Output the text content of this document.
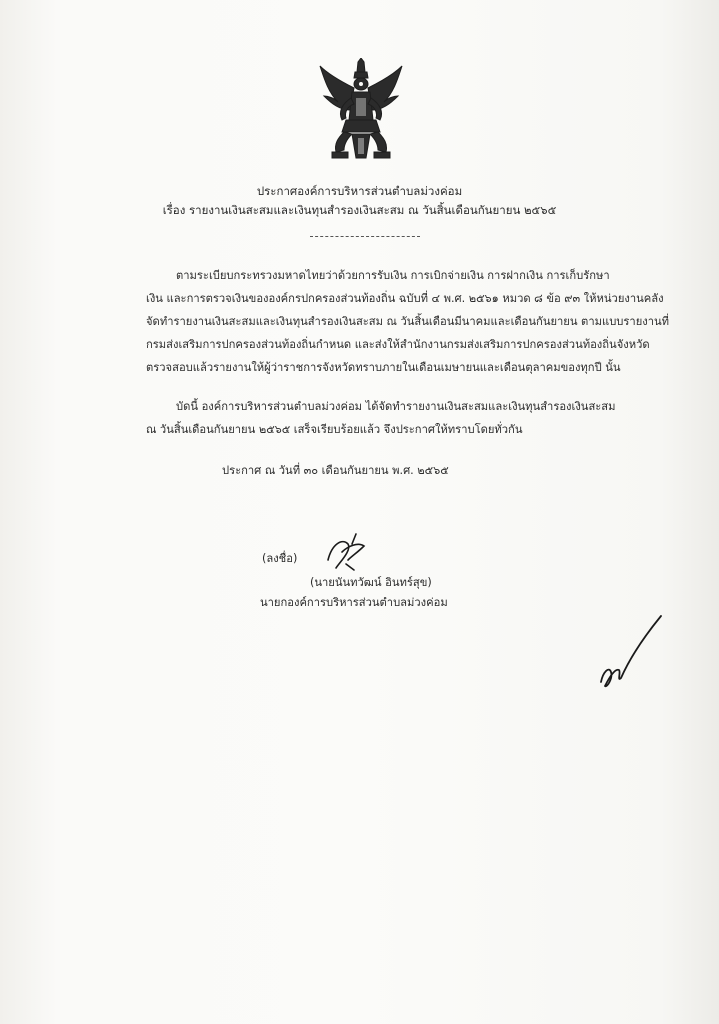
ประกาศองค์การบริหารส่วนตำบลม่วงค่อม
เรื่อง รายงานเงินสะสมและเงินทุนสำรองเงินสะสม ณ วันสิ้นเดือนกันยายน ๒๕๖๕
ตามระเบียบกระทรวงมหาดไทยว่าด้วยการรับเงิน การเบิกจ่ายเงิน การฝากเงิน การเก็บรักษา
เงิน และการตรวจเงินขององค์กรปกครองส่วนท้องถิ่น ฉบับที่ ๔ พ.ศ. ๒๕๖๑ หมวด ๘ ข้อ ๙๓ ให้หน่วยงานคลัง
จัดทำรายงานเงินสะสมและเงินทุนสำรองเงินสะสม ณ วันสิ้นเดือนมีนาคมและเดือนกันยายน ตามแบบรายงานที่
กรมส่งเสริมการปกครองส่วนท้องถิ่นกำหนด และส่งให้สำนักงานกรมส่งเสริมการปกครองส่วนท้องถิ่นจังหวัด
ตรวจสอบแล้วรายงานให้ผู้ว่าราชการจังหวัดทราบภายในเดือนเมษายนและเดือนตุลาคมของทุกปี นั้น
บัดนี้ องค์การบริหารส่วนตำบลม่วงค่อม ได้จัดทำรายงานเงินสะสมและเงินทุนสำรองเงินสะสม
ณ วันสิ้นเดือนกันยายน ๒๕๖๕ เสร็จเรียบร้อยแล้ว จึงประกาศให้ทราบโดยทั่วกัน
ประกาศ ณ วันที่ ๓๐ เดือนกันยายน พ.ศ. ๒๕๖๕
(ลงชื่อ)
(นายนันทวัฒน์ อินทร์สุข)
นายกองค์การบริหารส่วนตำบลม่วงค่อม
